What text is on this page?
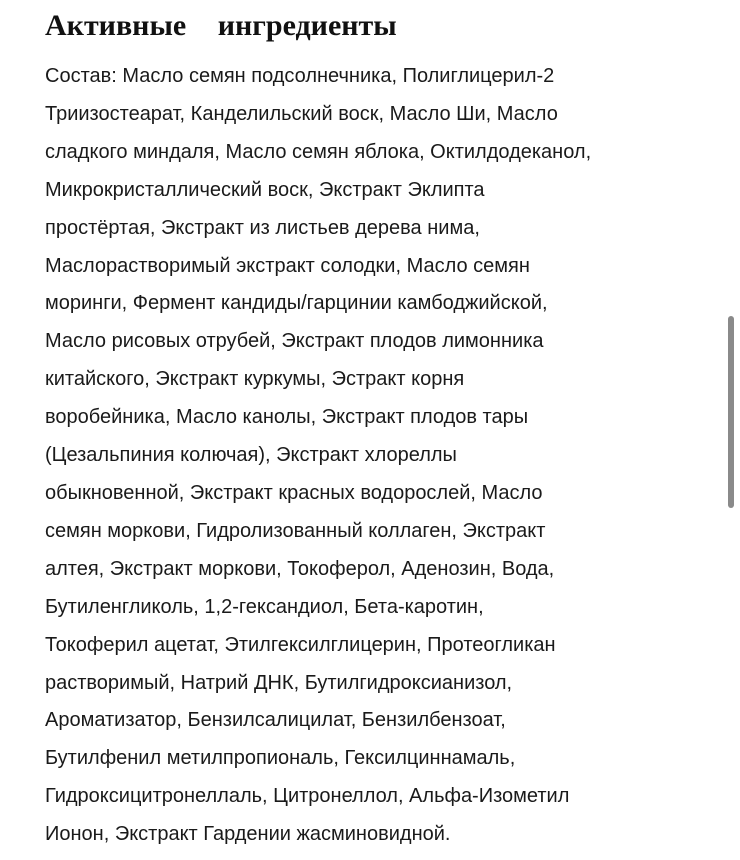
Активные ингредиенты

Состав: Масло семян подсолнечника, Полиглицерил-2
Триизостеарат, Канделильский воск, Масло Ши, Масло
сладкого миндаля, Масло семян яблока, Октилдодеканол,
Микрокристаллический воск, Экстракт Эклипта
простёртая, Экстракт из листьев дерева нима,
Маслорастворимый экстракт солодки, Масло семян
моринги, Фермент кандиды/гарцинии камбоджийской,
Масло рисовых отрубей, Экстракт плодов лимонника
китайского, Экстракт куркумы, Эстракт корня
воробейника, Масло канолы, Экстракт плодов тары
(Цезальпиния колючая), Экстракт хлореллы
обыкновенной, Экстракт красных водорослей, Масло
семян моркови, Гидролизованный коллаген, Экстракт
алтея, Экстракт моркови, Токоферол, Аденозин, Вода,
Бутиленгликоль, 1,2-гександиол, Бета-каротин,
Токоферил ацетат, Этилгексилглицерин, Протеогликан
растворимый, Натрий ДНК, Бутилгидроксианизол,
Ароматизатор, Бензилсалицилат, Бензилбензоат,
Бутилфенил метилпропиональ, Гексилциннамаль,
Гидроксицитронеллаль, Цитронеллол, Альфа-Изометил
Ионон, Экстракт Гардении жасминовидной.
